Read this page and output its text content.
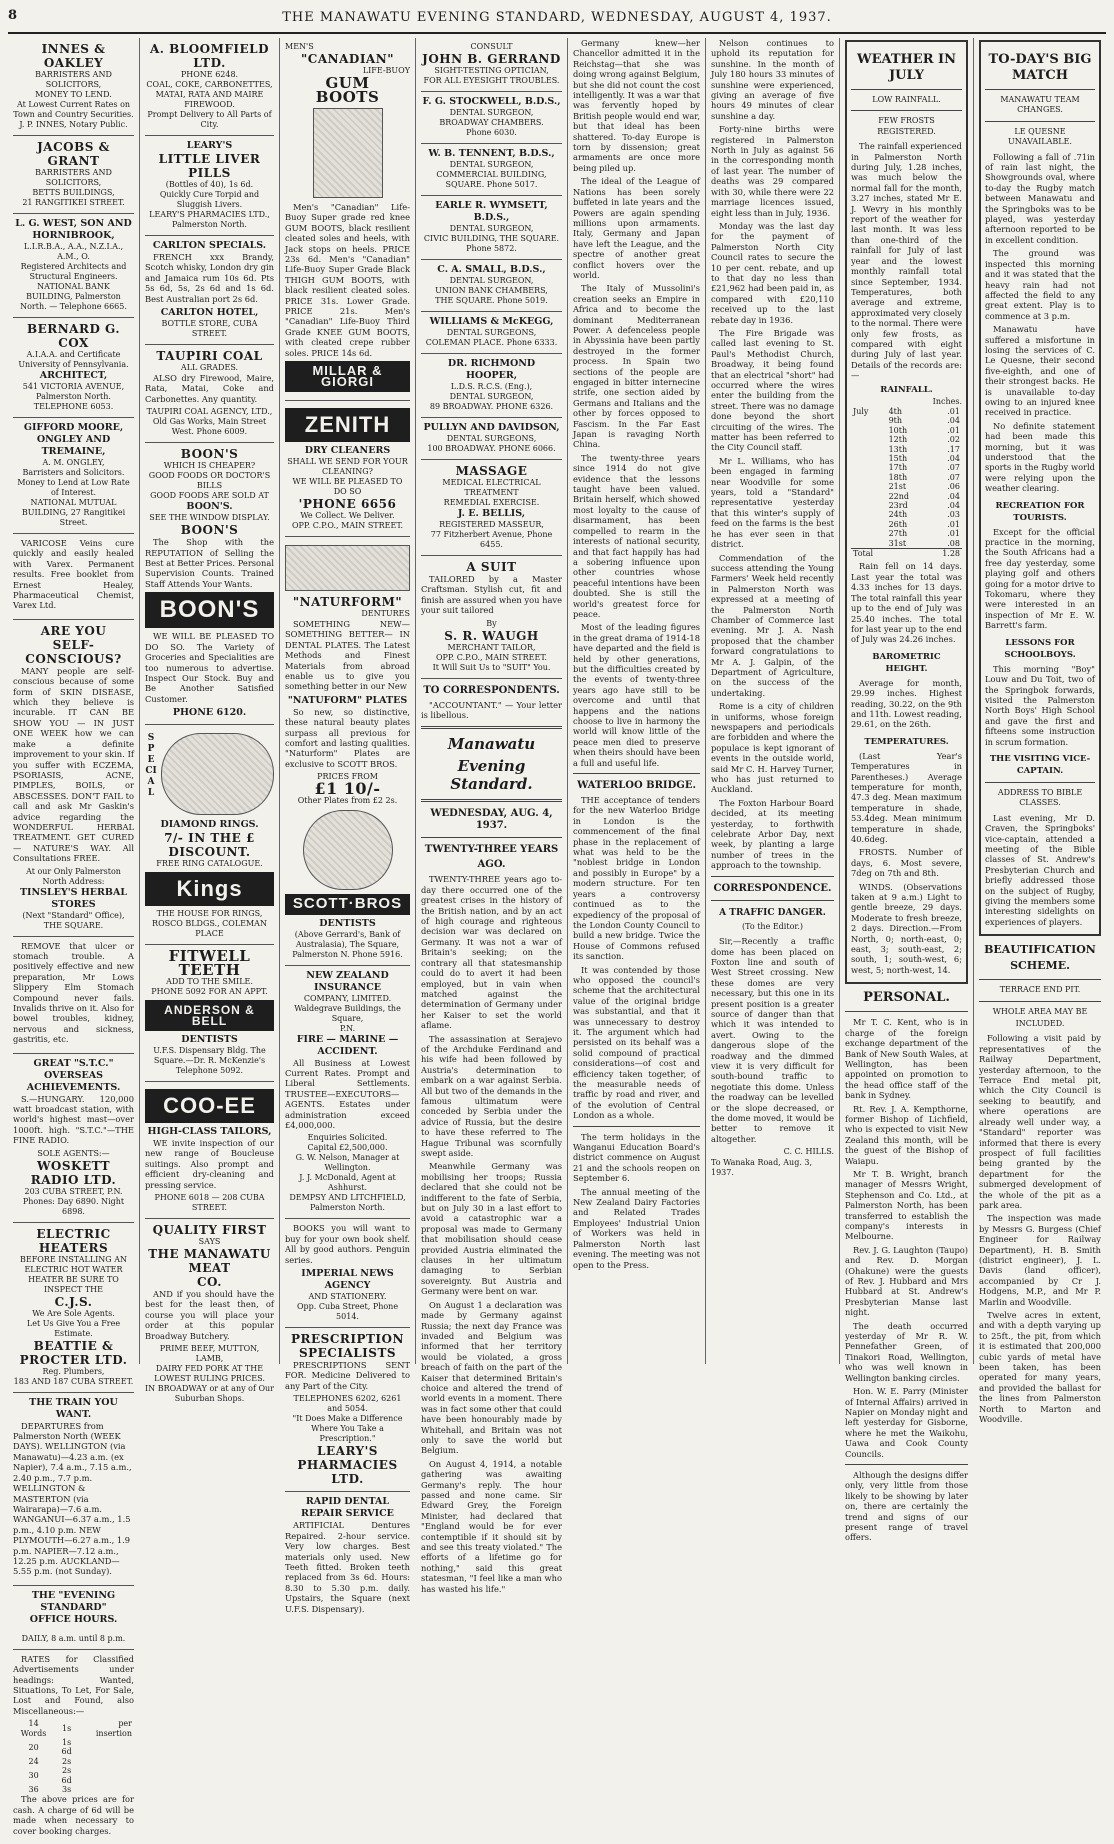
8	THE MANAWATU EVENING STANDARD, WEDNESDAY, AUGUST 4, 1937.
INNES & OAKLEY
BARRISTERS AND SOLICITORS,
MONEY TO LEND.
At Lowest Current Rates on Town and Country Securities.
J. P. INNES, Notary Public.
JACOBS & GRANT
BARRISTERS AND SOLICITORS,
BETTS BUILDINGS,
21 RANGITIKEI STREET.
L. G. WEST, SON AND HORNIBROOK,
L.I.R.B.A., A.A., N.Z.I.A., A.M., O.
Registered Architects and Structural Engineers.
NATIONAL BANK BUILDING, Palmerston North. — Telephone 6665.
BERNARD G. COX
A.I.A.A. and Certificate University of Pennsylvania.
ARCHITECT,
541 VICTORIA AVENUE, Palmerston North.
TELEPHONE 6053.
GIFFORD MOORE, ONGLEY AND TREMAINE,
A. M. ONGLEY,
Barristers and Solicitors.
Money to Lend at Low Rate of Interest.
NATIONAL MUTUAL BUILDING, 27 Rangitikei Street.

VARICOSE Veins cure quickly and easily healed with Varex. Permanent results. Free booklet from Ernest Healey, Pharmaceutical Chemist, Varex Ltd.

ARE YOU
SELF-CONSCIOUS?

MANY people are self-conscious because of some form of SKIN DISEASE, which they believe is incurable. IT CAN BE SHOW YOU — IN JUST ONE WEEK how we can make a definite improvement to your skin. If you suffer with ECZEMA, PSORIASIS, ACNE, PIMPLES, BOILS, or ABSCESSES. DON'T FAIL to call and ask Mr Gaskin's advice regarding the WONDERFUL HERBAL TREATMENT. GET CURED — NATURE'S WAY. All Consultations FREE.

At our Only Palmerston North Address:
TINSLEY'S HERBAL STORES
(Next "Standard" Office),
THE SQUARE.

REMOVE that ulcer or stomach trouble. A positively effective and new preparation, Mr Lows Slippery Elm Stomach Compound never fails. Invalids thrive on it. Also for bowel troubles, kidney, nervous and sickness, gastritis, etc.

GREAT "S.T.C." OVERSEAS
ACHIEVEMENTS.

S.—HUNGARY. 120,000 watt broadcast station, with world's highest mast—over 1000ft. high. "S.T.C."—THE FINE RADIO.

SOLE AGENTS:—
WOSKETT RADIO LTD.
203 CUBA STREET, P.N.
Phones: Day 6890. Night 6898.
ELECTRIC HEATERS
BEFORE INSTALLING AN ELECTRIC HOT WATER HEATER BE SURE TO INSPECT THE
C.J.S.
We Are Sole Agents.
Let Us Give You a Free Estimate.
BEATTIE & PROCTER LTD.
Reg. Plumbers,
183 AND 187 CUBA STREET.
THE TRAIN YOU WANT.

DEPARTURES from Palmerston North (WEEK DAYS). WELLINGTON (via Manawatu)—4.23 a.m. (ex Napier), 7.4 a.m., 7.15 a.m., 2.40 p.m., 7.7 p.m. WELLINGTON & MASTERTON (via Wairarapa)—7.6 a.m. WANGANUI—6.37 a.m., 1.5 p.m., 4.10 p.m. NEW PLYMOUTH—6.27 a.m., 1.9 p.m. NAPIER—7.12 a.m., 12.25 p.m. AUCKLAND—5.55 p.m. (not Sunday).

THE "EVENING STANDARD"
OFFICE HOURS.
DAILY, 8 a.m. until 8 p.m.

RATES for Classified Advertisements under headings: Wanted, Situations, To Let, For Sale, Lost and Found, also Miscellaneous:—

14 Words	1s	per insertion
20	1s 6d	
24	2s	
30	2s 6d	
36	3s	

The above prices are for cash. A charge of 6d will be made when necessary to cover booking charges.

A. BLOOMFIELD LTD.
PHONE 6248.
COAL, COKE, CARBONETTES,
MATAI, RATA AND MAIRE FIREWOOD.
Prompt Delivery to All Parts of City.
LEARY'S
LITTLE LIVER PILLS
(Bottles of 40), 1s 6d.
Quickly Cure Torpid and Sluggish Livers.
LEARY'S PHARMACIES LTD., Palmerston North.
CARLTON SPECIALS.

FRENCH xxx Brandy, Scotch whisky, London dry gin and Jamaica rum 10s 6d. Pts 5s 6d, 5s, 2s 6d and 1s 6d. Best Australian port 2s 6d.

CARLTON HOTEL,
BOTTLE STORE, CUBA STREET.
TAUPIRI COAL
ALL GRADES.

ALSO dry Firewood, Maire, Rata, Matai, Coke and Carbonettes. Any quantity.

TAUPIRI COAL AGENCY, LTD.,
Old Gas Works, Main Street West. Phone 6009.
BOON'S
WHICH IS CHEAPER?
GOOD FOODS OR DOCTOR'S BILLS
GOOD FOODS ARE SOLD AT
BOON'S.
SEE THE WINDOW DISPLAY.
BOON'S

The Shop with the REPUTATION of Selling the Best at Better Prices. Personal Supervision Counts. Trained Staff Attends Your Wants.

BOON'S

WE WILL BE PLEASED TO DO SO. The Variety of Groceries and Specialities are too numerous to advertise. Inspect Our Stock. Buy and Be Another Satisfied Customer.

PHONE 6120.
SPECIAL
DIAMOND RINGS.
7/- IN THE £ DISCOUNT.
FREE RING CATALOGUE.
Kings
THE HOUSE FOR RINGS,
ROSCO BLDGS., COLEMAN PLACE
FITWELL
TEETH
ADD TO THE SMILE.
PHONE 5092 FOR AN APPT.
ANDERSON & BELL
DENTISTS
U.F.S. Dispensary Bldg. The Square.—Dr. R. McKenzie's Telephone 5092.
COO-EE
HIGH-CLASS TAILORS,

WE invite inspection of our new range of Boucleuse suitings. Also prompt and efficient dry-cleaning and pressing service.

PHONE 6018 — 208 CUBA STREET.
QUALITY FIRST
SAYS
THE MANAWATU MEAT
CO.

AND if you should have the best for the least then, of course you will place your order at this popular Broadway Butchery.

PRIME BEEF, MUTTON, LAMB,
DAIRY FED PORK AT THE
LOWEST RULING PRICES.
IN BROADWAY or at any of Our Suburban Shops.
MEN'S
"CANADIAN"
LIFE-BUOY
GUM
BOOTS

Men's "Canadian" Life-Buoy Super grade red knee GUM BOOTS, black resilient cleated soles and heels, with Jack stops on heels. PRICE 23s 6d. Men's "Canadian" Life-Buoy Super Grade Black THIGH GUM BOOTS, with black resilient cleated soles. PRICE 31s. Lower Grade. PRICE 21s. Men's "Canadian" Life-Buoy Third Grade KNEE GUM BOOTS, with cleated crepe rubber soles. PRICE 14s 6d.

MILLAR & GIORGI
ZENITH
DRY CLEANERS
SHALL WE SEND FOR YOUR
CLEANING?
WE WILL BE PLEASED TO DO SO
'PHONE 6656
We Collect. We Deliver.
OPP. C.P.O., MAIN STREET.
"NATURFORM"
DENTURES

SOMETHING NEW— SOMETHING BETTER— IN DENTAL PLATES. The Latest Methods and Finest Materials from abroad enable us to give you something better in our New

"NATUFORM" PLATES

So new, so distinctive, these natural beauty plates surpass all previous for comfort and lasting qualities. "Naturform" Plates are exclusive to SCOTT BROS.

PRICES FROM
£1 10/-
Other Plates from £2 2s.
SCOTT·BROS
DENTISTS
(Above Gerrard's, Bank of Australasia), The Square, Palmerston N. Phone 5916.
NEW ZEALAND INSURANCE
COMPANY, LIMITED.
Waldegrave Buildings, the Square,
P.N.
FIRE — MARINE — ACCIDENT.

All Business at Lowest Current Rates. Prompt and Liberal Settlements. TRUSTEE—EXECUTORS—AGENTS. Estates under administration exceed £4,000,000.

Enquiries Solicited.
Capital £2,500,000.
G. W. Nelson, Manager at Wellington.
J. J. McDonald, Agent at Ashhurst.
DEMPSY AND LITCHFIELD, Palmerston North.

BOOKS you will want to buy for your own book shelf. All by good authors. Penguin series.

IMPERIAL NEWS AGENCY
AND STATIONERY.
Opp. Cuba Street, Phone 5014.
PRESCRIPTION
SPECIALISTS

PRESCRIPTIONS SENT FOR. Medicine Delivered to any Part of the City.

TELEPHONES 6202, 6261 and 5054.
"It Does Make a Difference Where You Take a Prescription."
LEARY'S PHARMACIES
LTD.
RAPID DENTAL REPAIR SERVICE

ARTIFICIAL Dentures Repaired. 2-hour service. Very low charges. Best materials only used. New Teeth fitted. Broken teeth replaced from 3s 6d. Hours: 8.30 to 5.30 p.m. daily. Upstairs, the Square (next U.F.S. Dispensary).

CONSULT
JOHN B. GERRAND
SIGHT-TESTING OPTICIAN,
FOR ALL EYESIGHT TROUBLES.
F. G. STOCKWELL, B.D.S.,
DENTAL SURGEON,
BROADWAY CHAMBERS.
Phone 6030.
W. B. TENNENT, B.D.S.,
DENTAL SURGEON,
COMMERCIAL BUILDING,
SQUARE. Phone 5017.
EARLE R. WYMSETT, B.D.S.,
DENTAL SURGEON,
CIVIC BUILDING, THE SQUARE.
Phone 5872.
C. A. SMALL, B.D.S.,
DENTAL SURGEON,
UNION BANK CHAMBERS,
THE SQUARE. Phone 5019.
WILLIAMS & McKEGG,
DENTAL SURGEONS,
COLEMAN PLACE. Phone 6333.
DR. RICHMOND HOOPER,
L.D.S. R.C.S. (Eng.),
DENTAL SURGEON,
89 BROADWAY. PHONE 6326.
PULLYN AND DAVIDSON,
DENTAL SURGEONS,
100 BROADWAY. PHONE 6066.
MASSAGE
MEDICAL ELECTRICAL
TREATMENT
REMEDIAL EXERCISE.
J. E. BELLIS,
REGISTERED MASSEUR,
77 Fitzherbert Avenue, Phone 6455.
A SUIT

TAILORED by a Master Craftsman. Stylish cut, fit and finish are assured when you have your suit tailored

By
S. R. WAUGH
MERCHANT TAILOR,
OPP. C.P.O., MAIN STREET.
It Will Suit Us to "SUIT" You.
TO CORRESPONDENTS.

"ACCOUNTANT." — Your letter is libellous.

Manawatu
Evening Standard.
WEDNESDAY, AUG. 4, 1937.
TWENTY-THREE YEARS
AGO.

TWENTY-THREE years ago to-day there occurred one of the greatest crises in the history of the British nation, and by an act of high courage and righteous decision war was declared on Germany. It was not a war of Britain's seeking; on the contrary all that statesmanship could do to avert it had been employed, but in vain when matched against the determination of Germany under her Kaiser to set the world aflame.

The assassination at Serajevo of the Archduke Ferdinand and his wife had been followed by Austria's determination to embark on a war against Serbia. All but two of the demands in the famous ultimatum were conceded by Serbia under the advice of Russia, but the desire to have these referred to The Hague Tribunal was scornfully swept aside.

Meanwhile Germany was mobilising her troops; Russia declared that she could not be indifferent to the fate of Serbia, but on July 30 in a last effort to avoid a catastrophic war a proposal was made to Germany that mobilisation should cease provided Austria eliminated the clauses in her ultimatum damaging to Serbian sovereignty. But Austria and Germany were bent on war.

On August 1 a declaration was made by Germany against Russia; the next day France was invaded and Belgium was informed that her territory would be violated, a gross breach of faith on the part of the Kaiser that determined Britain's choice and altered the trend of world events in a moment. There was in fact some other that could have been honourably made by Whitehall, and Britain was not only to save the world but Belgium.

On August 4, 1914, a notable gathering was awaiting Germany's reply. The hour passed and none came. Sir Edward Grey, the Foreign Minister, had declared that "England would be for ever contemptible if it should sit by and see this treaty violated." The efforts of a lifetime go for nothing," said this great statesman, "I feel like a man who has wasted his life."

Germany knew—her Chancellor admitted it in the Reichstag—that she was doing wrong against Belgium, but she did not count the cost intelligently. It was a war that was fervently hoped by British people would end war, but that ideal has been shattered. To-day Europe is torn by dissension; great armaments are once more being piled up.

The ideal of the League of Nations has been sorely buffeted in late years and the Powers are again spending millions upon armaments. Italy, Germany and Japan have left the League, and the spectre of another great conflict hovers over the world.

The Italy of Mussolini's creation seeks an Empire in Africa and to become the dominant Mediterranean Power. A defenceless people in Abyssinia have been partly destroyed in the former process. In Spain two sections of the people are engaged in bitter internecine strife, one section aided by Germans and Italians and the other by forces opposed to Fascism. In the Far East Japan is ravaging North China.

The twenty-three years since 1914 do not give evidence that the lessons taught have been valued. Britain herself, which showed most loyalty to the cause of disarmament, has been compelled to rearm in the interests of national security, and that fact happily has had a sobering influence upon other countries whose peaceful intentions have been doubted. She is still the world's greatest force for peace.

Most of the leading figures in the great drama of 1914-18 have departed and the field is held by other generations, but the difficulties created by the events of twenty-three years ago have still to be overcome and until that happens and the nations choose to live in harmony the world will know little of the peace men died to preserve when theirs should have been a full and useful life.

WATERLOO BRIDGE.

THE acceptance of tenders for the new Waterloo Bridge in London is the commencement of the final phase in the replacement of what was held to be the "noblest bridge in London and possibly in Europe" by a modern structure. For ten years a controversy continued as to the expediency of the proposal of the London County Council to build a new bridge. Twice the House of Commons refused its sanction.

It was contended by those who opposed the council's scheme that the architectural value of the original bridge was substantial, and that it was unnecessary to destroy it. The argument which had persisted on its behalf was a solid compound of practical considerations—of cost and efficiency taken together, of the measurable needs of traffic by road and river, and of the evolution of Central London as a whole.

The term holidays in the Wanganui Education Board's district commence on August 21 and the schools reopen on September 6.

The annual meeting of the New Zealand Dairy Factories and Related Trades Employees' Industrial Union of Workers was held in Palmerston North last evening. The meeting was not open to the Press.

Nelson continues to uphold its reputation for sunshine. In the month of July 180 hours 33 minutes of sunshine were experienced, giving an average of five hours 49 minutes of clear sunshine a day.

Forty-nine births were registered in Palmerston North in July as against 56 in the corresponding month of last year. The number of deaths was 29 compared with 30, while there were 22 marriage licences issued, eight less than in July, 1936.

Monday was the last day for the payment of Palmerston North City Council rates to secure the 10 per cent. rebate, and up to that day no less than £21,962 had been paid in, as compared with £20,110 received up to the last rebate day in 1936.

The Fire Brigade was called last evening to St. Paul's Methodist Church, Broadway, it being found that an electrical "short" had occurred where the wires enter the building from the street. There was no damage done beyond the short circuiting of the wires. The matter has been referred to the City Council staff.

Mr L. Williams, who has been engaged in farming near Woodville for some years, told a "Standard" representative yesterday that this winter's supply of feed on the farms is the best he has ever seen in that district.

Commendation of the success attending the Young Farmers' Week held recently in Palmerston North was expressed at a meeting of the Palmerston North Chamber of Commerce last evening. Mr J. A. Nash proposed that the chamber forward congratulations to Mr A. J. Galpin, of the Department of Agriculture, on the success of the undertaking.

Rome is a city of children in uniforms, whose foreign newspapers and periodicals are forbidden and where the populace is kept ignorant of events in the outside world, said Mr C. H. Harvey Turner, who has just returned to Auckland.

The Foxton Harbour Board decided, at its meeting yesterday, to forthwith celebrate Arbor Day, next week, by planting a large number of trees in the approach to the township.

CORRESPONDENCE.
A TRAFFIC DANGER.
(To the Editor.)

Sir,—Recently a traffic dome has been placed on Foxton line and south of West Street crossing. New these domes are very necessary, but this one in its present position is a greater source of danger than that which it was intended to avert. Owing to the dangerous slope of the roadway and the dimmed view it is very difficult for south-bound traffic to negotiate this dome. Unless the roadway can be levelled or the slope decreased, or the dome moved, it would be better to remove it altogether.

C. C. HILLS.
To Wanaka Road, Aug. 3, 1937.
WEATHER IN JULY
LOW RAINFALL.
FEW FROSTS REGISTERED.

The rainfall experienced in Palmerston North during July, 1.28 inches, was much below the normal fall for the month, 3.27 inches, stated Mr E. J. Wevry in his monthly report of the weather for last month. It was less than one-third of the rainfall for July of last year and the lowest monthly rainfall total since September, 1934. Temperatures, both average and extreme, approximated very closely to the normal. There were only few frosts, as compared with eight during July of last year. Details of the records are:—

RAINFALL.
Inches.
July	4th	.01
	9th	.04
	10th	.01
	12th	.02
	13th	.17
	15th	.04
	17th	.07
	18th	.07
	21st	.06
	22nd	.04
	23rd	.04
	24th	.03
	26th	.01
	27th	.01
	31st	.08
Total	1.28

Rain fell on 14 days. Last year the total was 4.33 inches for 13 days. The total rainfall this year up to the end of July was 25.40 inches. The total for last year up to the end of July was 24.26 inches.

BAROMETRIC HEIGHT.

Average for month, 29.99 inches. Highest reading, 30.22, on the 9th and 11th. Lowest reading, 29.61, on the 26th.

TEMPERATURES.

(Last Year's Temperatures in Parentheses.) Average temperature for month, 47.3 deg. Mean maximum temperature in shade, 53.4deg. Mean minimum temperature in shade, 40.6deg.

FROSTS. Number of days, 6. Most severe, 7deg on 7th and 8th.

WINDS. (Observations taken at 9 a.m.) Light to gentle breeze, 29 days. Moderate to fresh breeze, 2 days. Direction.—From North, 0; north-east, 0; east, 3; south-east, 2; south, 1; south-west, 6; west, 5; north-west, 14.

PERSONAL.

Mr T. C. Kent, who is in charge of the foreign exchange department of the Bank of New South Wales, at Wellington, has been appointed on promotion to the head office staff of the bank in Sydney.

Rt. Rev. J. A. Kempthorne, former Bishop of Lichfield, who is expected to visit New Zealand this month, will be the guest of the Bishop of Waiapu.

Mr T. B. Wright, branch manager of Messrs Wright, Stephenson and Co. Ltd., at Palmerston North, has been transferred to establish the company's interests in Melbourne.

Rev. J. G. Laughton (Taupo) and Rev. D. Morgan (Ohakune) were the guests of Rev. J. Hubbard and Mrs Hubbard at St. Andrew's Presbyterian Manse last night.

The death occurred yesterday of Mr R. W. Pennefather Green, of Tinakori Road, Wellington, who was well known in Wellington banking circles.

Hon. W. E. Parry (Minister of Internal Affairs) arrived in Napier on Monday night and left yesterday for Gisborne, where he met the Waikohu, Uawa and Cook County Councils.

Although the designs differ only, very little from those likely to be showing by later on, there are certainly the trend and signs of our present range of travel offers.

TO-DAY'S BIG MATCH
MANAWATU TEAM CHANGES.
LE QUESNE UNAVAILABLE.

Following a fall of .71in of rain last night, the Showgrounds oval, where to-day the Rugby match between Manawatu and the Springboks was to be played, was yesterday afternoon reported to be in excellent condition.

The ground was inspected this morning and it was stated that the heavy rain had not affected the field to any great extent. Play is to commence at 3 p.m.

Manawatu have suffered a misfortune in losing the services of C. Le Quesne, their second five-eighth, and one of their strongest backs. He is unavailable to-day owing to an injured knee received in practice.

No definite statement had been made this morning, but it was understood that the sports in the Rugby world were relying upon the weather clearing.

RECREATION FOR TOURISTS.

Except for the official practice in the morning, the South Africans had a free day yesterday, some playing golf and others going for a motor drive to Tokomaru, where they were interested in an inspection of Mr E. W. Barrett's farm.

LESSONS FOR SCHOOLBOYS.

This morning "Boy" Louw and Du Toit, two of the Springbok forwards, visited the Palmerston North Boys' High School and gave the first and fifteens some instruction in scrum formation.

THE VISITING VICE-CAPTAIN.
ADDRESS TO BIBLE CLASSES.

Last evening, Mr D. Craven, the Springboks' vice-captain, attended a meeting of the Bible classes of St. Andrew's Presbyterian Church and briefly addressed those on the subject of Rugby, giving the members some interesting sidelights on experiences of players.

BEAUTIFICATION SCHEME.
TERRACE END PIT.
WHOLE AREA MAY BE
INCLUDED.

Following a visit paid by representatives of the Railway Department, yesterday afternoon, to the Terrace End metal pit, which the City Council is seeking to beautify, and where operations are already well under way, a "Standard" reporter was informed that there is every prospect of full facilities being granted by the department for the submerged development of the whole of the pit as a park area.

The inspection was made by Messrs G. Burgess (Chief Engineer for Railway Department), H. B. Smith (district engineer), J. L. Davis (land officer), accompanied by Cr J. Hodgens, M.P., and Mr P. Marlin and Woodville.

Twelve acres in extent, and with a depth varying up to 25ft., the pit, from which it is estimated that 200,000 cubic yards of metal have been taken, has been operated for many years, and provided the ballast for the lines from Palmerston North to Marton and Woodville.
